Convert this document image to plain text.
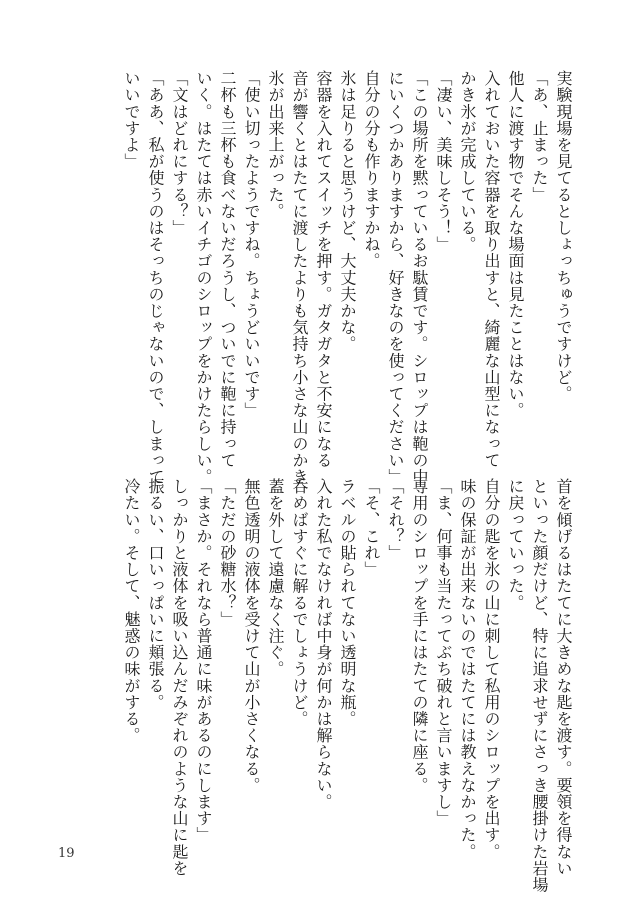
実験現場を見てるとしょっちゅうですけど。
「あ、止まった」
他人に渡す物でそんな場面は見たことはない。
入れておいた容器を取り出すと、綺麗な山型になって
かき氷が完成している。
「凄い、美味しそう！」
「この場所を黙っているお駄賃です。シロップは鞄の中
にいくつかありますから、好きなのを使ってください」
自分の分も作りますかね。
氷は足りると思うけど、大丈夫かな。
容器を入れてスイッチを押す。ガタガタと不安になる
音が響くとはたてに渡したよりも気持ち小さな山のかき
氷が出来上がった。
「使い切ったようですね。ちょうどいいです」
二杯も三杯も食べないだろうし、ついでに鞄に持って
いく。はたては赤いイチゴのシロップをかけたらしい。
「文はどれにする？」
「ああ、私が使うのはそっちのじゃないので、しまって
いいですよ」
首を傾げるはたてに大きめな匙を渡す。要領を得ない
といった顔だけど、特に追求せずにさっき腰掛けた岩場
に戻っていった。
自分の匙を氷の山に刺して私用のシロップを出す。
味の保証が出来ないのではたてには教えなかった。
「ま、何事も当たってぶち破れと言いますし」
専用のシロップを手にはたての隣に座る。
「それ？」
「そ、これ」
ラベルの貼られてない透明な瓶。
入れた私でなければ中身が何かは解らない。
呑めばすぐに解るでしょうけど。
蓋を外して遠慮なく注ぐ。
無色透明の液体を受けて山が小さくなる。
「ただの砂糖水？」
「まさか。それなら普通に味があるのにします」
しっかりと液体を吸い込んだみぞれのような山に匙を
振るい、口いっぱいに頬張る。
冷たい。そして、魅惑の味がする。
19
